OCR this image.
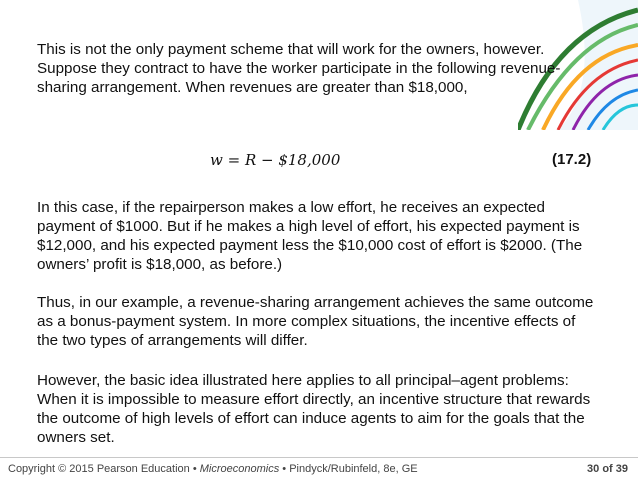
This is not the only payment scheme that will work for the owners, however. Suppose they contract to have the worker participate in the following revenue-sharing arrangement. When revenues are greater than $18,000,

w = R − $18,000	(17.2)

In this case, if the repairperson makes a low effort, he receives an expected payment of $1000. But if he makes a high level of effort, his expected payment is $12,000, and his expected payment less the $10,000 cost of effort is $2000. (The owners’ profit is $18,000, as before.)

Thus, in our example, a revenue-sharing arrangement achieves the same outcome as a bonus-payment system. In more complex situations, the incentive effects of the two types of arrangements will differ.

However, the basic idea illustrated here applies to all principal–agent problems: When it is impossible to measure effort directly, an incentive structure that rewards the outcome of high levels of effort can induce agents to aim for the goals that the owners set.

Copyright © 2015 Pearson Education • Microeconomics • Pindyck/Rubinfeld, 8e, GE	30 of 39
